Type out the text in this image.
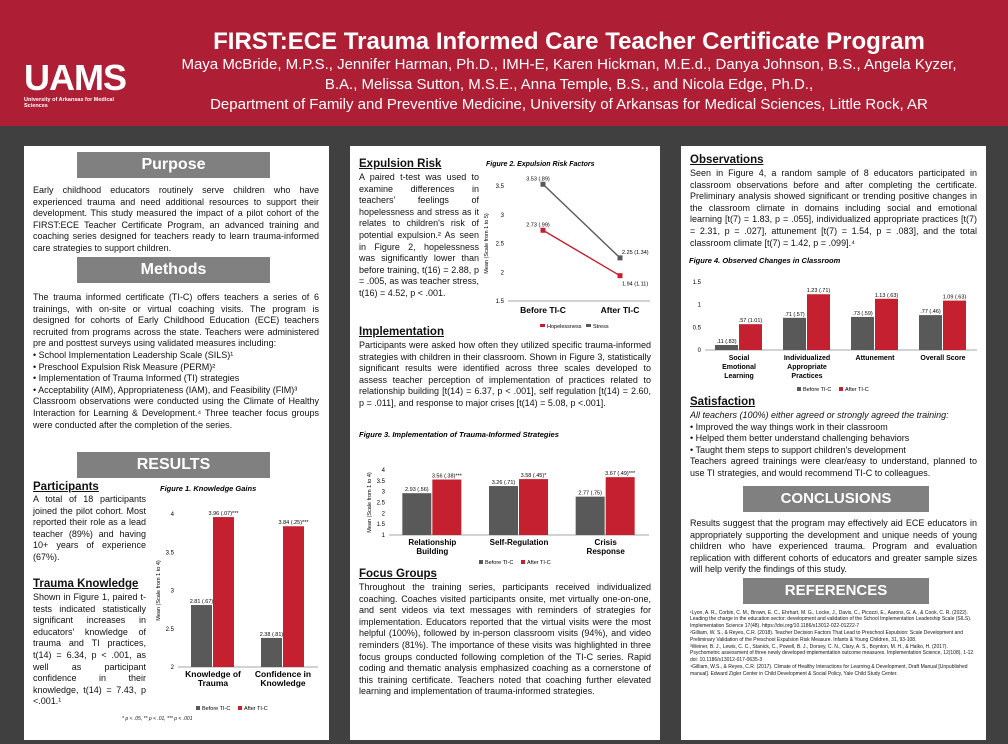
UAMS
University of Arkansas for Medical Sciences
FIRST:ECE Trauma Informed Care Teacher Certificate Program
Maya McBride, M.P.S., Jennifer Harman, Ph.D., IMH-E, Karen Hickman, M.E.d., Danya Johnson, B.S., Angela Kyzer,
B.A., Melissa Sutton, M.S.E., Anna Temple, B.S., and Nicola Edge, Ph.D.,
Department of Family and Preventive Medicine, University of Arkansas for Medical Sciences, Little Rock, AR
Purpose
Early childhood educators routinely serve children who have experienced trauma and need additional resources to support their development. This study measured the impact of a pilot cohort of the FIRST:ECE Teacher Certificate Program, an advanced training and coaching series designed for teachers ready to learn trauma-informed care strategies to support children.
Methods
The trauma informed certificate (TI-C) offers teachers a series of 6 trainings, with on-site or virtual coaching visits. The program is designed for cohorts of Early Childhood Education (ECE) teachers recruited from programs across the state. Teachers were administered pre and posttest surveys using validated measures including:
• School Implementation Leadership Scale (SILS)¹
• Preschool Expulsion Risk Measure (PERM)²
• Implementation of Trauma Informed (TI) strategies
• Acceptability (AIM), Appropriateness (IAM), and Feasibility (FIM)³
Classroom observations were conducted using the Climate of Healthy Interaction for Learning & Development.⁴ Three teacher focus groups were conducted after the completion of the series.
RESULTS
Participants
A total of 18 participants joined the pilot cohort. Most reported their role as a lead teacher (89%) and having 10+ years of experience (67%).
Trauma Knowledge
Shown in Figure 1, paired t-tests indicated statistically significant increases in educators' knowledge of trauma and TI practices, t(14) = 6.34, p < .001, as well as participant confidence in their knowledge, t(14) = 7.43, p <.001.¹
Figure 1. Knowledge Gains
Mean (Scale from 1 to 4)
2
2.5
3
3.5
4
2.81 (.67)
3.96 (.07)***
Knowledge of
Trauma
2.38 (.81)
3.84 (.25)***
Confidence in
Knowledge
Before TI-C After TI-C
* p < .05, ** p < .01, *** p < .001
Expulsion Risk
A paired t-test was used to examine differences in teachers' feelings of hopelessness and stress as it relates to children's risk of potential expulsion.² As seen in Figure 2, hopelessness was significantly lower than before training, t(16) = 2.88, p = .005, as was teacher stress, t(16) = 4.52, p < .001.
Figure 2. Expulsion Risk Factors
Mean (Scale from 1 to 5)
1.5
2
2.5
3
3.5
Before TI-C	After TI-C
2.73 (.99)
1.94 (1.11)
3.53 (.89)
2.25 (1.34)
Hopelessness Stress
Implementation
Participants were asked how often they utilized specific trauma-informed strategies with children in their classroom. Shown in Figure 3, statistically significant results were identified across three scales developed to assess teacher perception of implementation of practices related to relationship building [t(14) = 6.37, p < .001], self regulation [t(14) = 2.60, p = .011], and response to major crises [t(14) = 5.08, p <.001].
Figure 3. Implementation of Trauma-Informed Strategies
Mean (Scale from 1 to 4)
1
1.5
2
2.5
3
3.5
4
2.93 (.56)
3.56 (.38)***
Relationship
Building
3.26 (.71)
3.58 (.45)*
Self-Regulation
2.77 (.75)
3.67 (.49)***
Crisis
Response
Before TI-C After TI-C
Focus Groups
Throughout the training series, participants received individualized coaching. Coaches visited participants onsite, met virtually one-on-one, and sent videos via text messages with reminders of strategies for implementation. Educators reported that the virtual visits were the most helpful (100%), followed by in-person classroom visits (94%), and video reminders (81%). The importance of these visits was highlighted in three focus groups conducted following completion of the TI-C series. Rapid coding and thematic analysis emphasized coaching as a cornerstone of this training certificate. Teachers noted that coaching further elevated learning and implementation of trauma-informed strategies.
Observations
Seen in Figure 4, a random sample of 8 educators participated in classroom observations before and after completing the certificate. Preliminary analysis showed significant or trending positive changes in the classroom climate in domains including social and emotional learning [t(7) = 1.83, p = .055], individualized appropriate practices [t(7) = 2.31, p = .027], attunement [t(7) = 1.54, p = .083], and the total classroom climate [t(7) = 1.42, p = .099].⁴
Figure 4. Observed Changes in Classroom
0
0.5
1
1.5
.11 (.83)
.57 (1.01)
Social
Emotional
Learning
.71 (.57)
1.23 (.71)
Individualized
Appropriate
Practices
.73 (.59)
1.13 (.63)
Attunement
.77 (.46)
1.09 (.63)
Overall Score
Before TI-C After TI-C
Satisfaction
All teachers (100%) either agreed or strongly agreed the training:
• Improved the way things work in their classroom
• Helped them better understand challenging behaviors
• Taught them steps to support children's development
Teachers agreed trainings were clear/easy to understand, planned to use TI strategies, and would recommend TI-C to colleagues.
CONCLUSIONS
Results suggest that the program may effectively aid ECE educators in appropriately supporting the development and unique needs of young children who have experienced trauma. Program and evaluation replication with different cohorts of educators and greater sample sizes will help verify the findings of this study.
REFERENCES
¹Lyon, A. R., Corbin, C. M., Brown, E. C., Ehrhart, M. G., Locke, J., Davis, C., Picozzi, E., Aarons, G. A., & Cook, C. R. (2022). Leading the charge in the education sector: development and validation of the School Implementation Leadership Scale (SILS). Implementation Science 17(48). https://doi.org/10.1186/s13012-022-01222-7
²Gilliam, W. S., & Reyes, C.R. (2018). Teacher Decision Factors That Lead to Preschool Expulsion: Scale Development and Preliminary Validation of the Preschool Expulsion Risk Measure. Infants & Young Children, 31, 93-108.
³Weiner, B. J., Lewis, C. C., Stanick, C., Powell, B. J., Dorsey, C. N., Clary, A. S., Boynton, M. H., & Halko, H. (2017). Psychometric assessment of three newly developed implementation outcome measures. Implementation Science, 12(108), 1-12. doi: 10.1186/s13012-017-0635-3
⁴Gilliam, W.S., & Reyes, C.R. (2017). Climate of Healthy Interactions for Learning & Development, Draft Manual [Unpublished manual]. Edward Zigler Center in Child Development & Social Policy, Yale Child Study Center.
